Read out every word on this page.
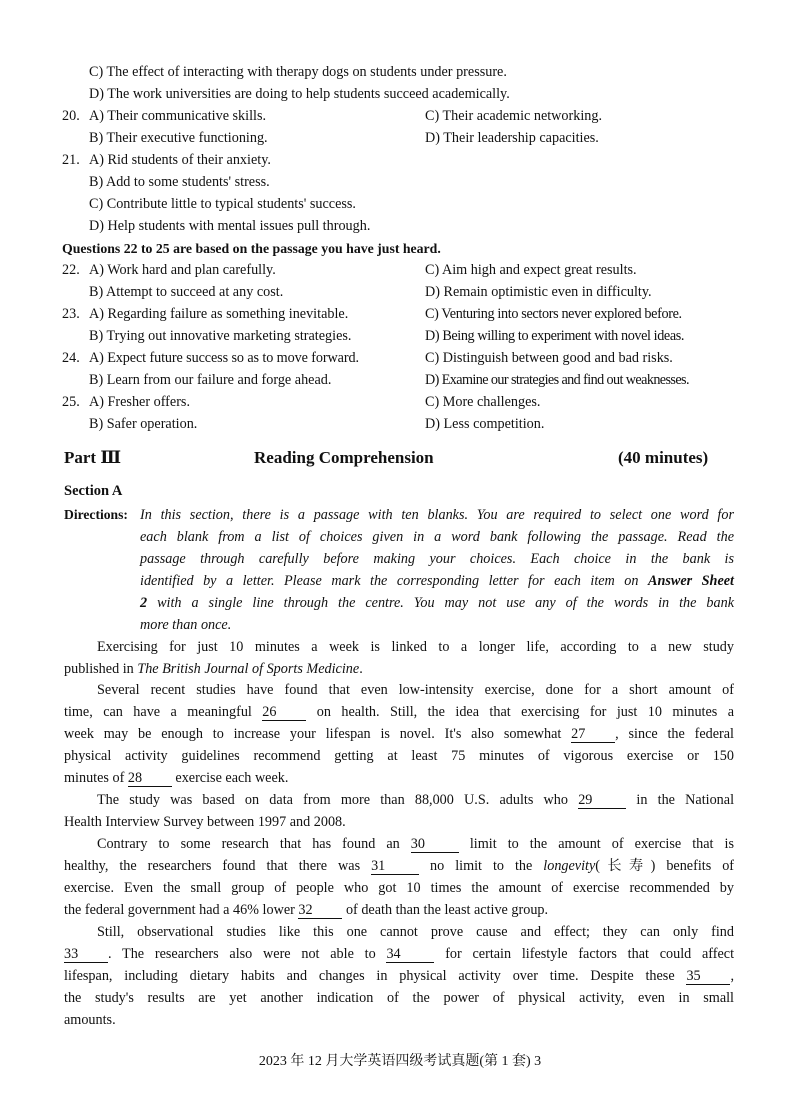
C) The effect of interacting with therapy dogs on students under pressure.
D) The work universities are doing to help students succeed academically.
20. A) Their communicative skills.	C) Their academic networking.
B) Their executive functioning.	D) Their leadership capacities.
21. A) Rid students of their anxiety.
B) Add to some students' stress.
C) Contribute little to typical students' success.
D) Help students with mental issues pull through.
Questions 22 to 25 are based on the passage you have just heard.
22. A) Work hard and plan carefully.	C) Aim high and expect great results.
B) Attempt to succeed at any cost.	D) Remain optimistic even in difficulty.
23. A) Regarding failure as something inevitable.	C) Venturing into sectors never explored before.
B) Trying out innovative marketing strategies.	D) Being willing to experiment with novel ideas.
24. A) Expect future success so as to move forward.	C) Distinguish between good and bad risks.
B) Learn from our failure and forge ahead.	D) Examine our strategies and find out weaknesses.
25. A) Fresher offers.	C) More challenges.
B) Safer operation.	D) Less competition.
Part Ⅲ	Reading Comprehension	(40 minutes)
Section A
Directions: In this section, there is a passage with ten blanks. You are required to select one word for
each blank from a list of choices given in a word bank following the passage. Read the
passage through carefully before making your choices. Each choice in the bank is
identified by a letter. Please mark the corresponding letter for each item on Answer Sheet
2 with a single line through the centre. You may not use any of the words in the bank
more than once.
Exercising for just 10 minutes a week is linked to a longer life, according to a new study
published in The British Journal of Sports Medicine.
Several recent studies have found that even low-intensity exercise, done for a short amount of
time, can have a meaningful 26	on health. Still, the idea that exercising for just 10 minutes a
week may be enough to increase your lifespan is novel. It's also somewhat 27 , since the federal
physical activity guidelines recommend getting at least 75 minutes of vigorous exercise or 150
minutes of 28 exercise each week.
The study was based on data from more than 88,000 U.S. adults who 29	in the National
Health Interview Survey between 1997 and 2008.
Contrary to some research that has found an 30	limit to the amount of exercise that is
healthy, the researchers found that there was 31	no limit to the longevity(长寿) benefits of
exercise. Even the small group of people who got 10 times the amount of exercise recommended by
the federal government had a 46% lower 32 of death than the least active group.
Still, observational studies like this one cannot prove cause and effect; they can only find
33 . The researchers also were not able to 34	for certain lifestyle factors that could affect
lifespan, including dietary habits and changes in physical activity over time. Despite these 35 ,
the study's results are yet another indication of the power of physical activity, even in small
amounts.
2023 年 12 月大学英语四级考试真题(第 1 套) 3
